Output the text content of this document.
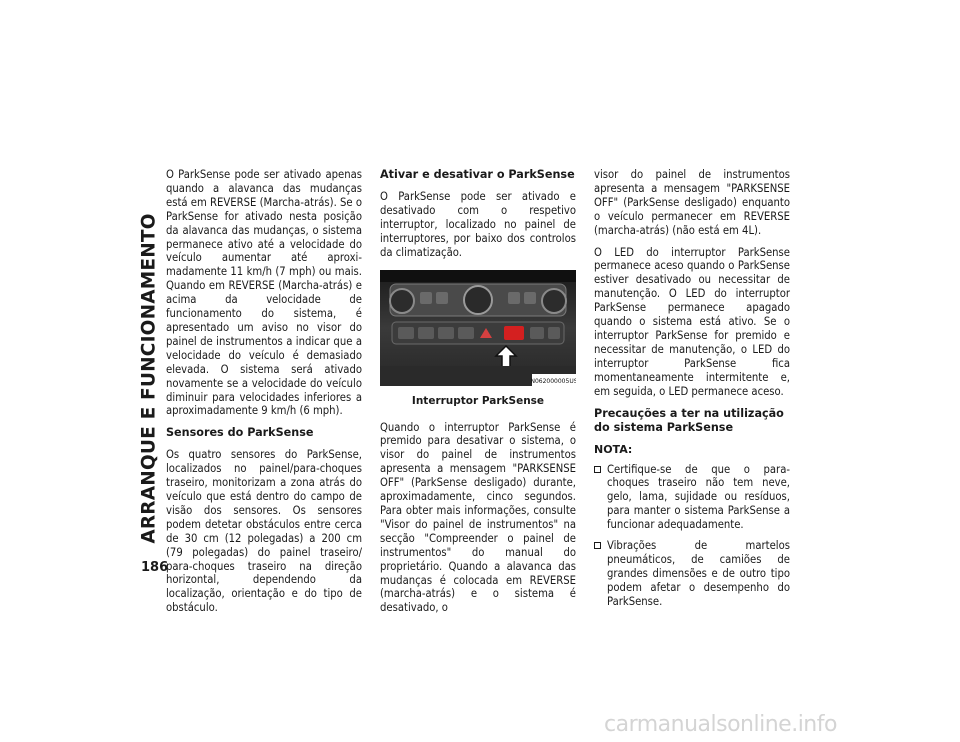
ARRANQUE E FUNCIONAMENTO
186

O ParkSense pode ser ativado apenas quando a alavanca das mudanças está em REVERSE (Marcha-atrás). Se o ParkSense for ativado nesta posição da alavanca das mudanças, o sistema permanece ativo até a velocidade do veículo aumentar até aproximadamente 11 km/h (7 mph) ou mais. Quando em REVERSE (Marcha-atrás) e acima da velocidade de funcionamento do sistema, é apresentado um aviso no visor do painel de instrumentos a indicar que a velocidade do veículo é demasiado elevada. O sistema será ativado novamente se a velocidade do veículo diminuir para velocidades inferiores a aproximadamente 9 km/h (6 mph).

Sensores do ParkSense

Os quatro sensores do ParkSense, localizados no painel/para-choques traseiro, monitorizam a zona atrás do veículo que está dentro do campo de visão dos sensores. Os sensores podem detetar obstáculos entre cerca de 30 cm (12 polegadas) a 200 cm (79 polegadas) do painel traseiro/ para-choques traseiro na direção horizontal, dependendo da localização, orientação e do tipo de obstáculo.

Ativar e desativar o ParkSense

O ParkSense pode ser ativado e desativado com o respetivo interruptor, localizado no painel de interruptores, por baixo dos controlos da climatização.

N062000005US
Interruptor ParkSense

Quando o interruptor ParkSense é premido para desativar o sistema, o visor do painel de instrumentos apresenta a mensagem "PARKSENSE OFF" (ParkSense desligado) durante, aproximadamente, cinco segundos. Para obter mais informações, consulte "Visor do painel de instrumentos" na secção "Compreender o painel de instrumentos" do manual do proprietário. Quando a alavanca das mudanças é colocada em REVERSE (marcha-atrás) e o sistema é desativado, o

visor do painel de instrumentos apresenta a mensagem "PARKSENSE OFF" (ParkSense desligado) enquanto o veículo permanecer em REVERSE (marcha-atrás) (não está em 4L).

O LED do interruptor ParkSense permanece aceso quando o ParkSense estiver desativado ou necessitar de manutenção. O LED do interruptor ParkSense permanece apagado quando o sistema está ativo. Se o interruptor ParkSense for premido e necessitar de manutenção, o LED do interruptor ParkSense fica momentaneamente intermitente e, em seguida, o LED permanece aceso.

Precauções a ter na utilização do sistema ParkSense
NOTA:
Certifique-se de que o para-choques traseiro não tem neve, gelo, lama, sujidade ou resíduos, para manter o sistema ParkSense a funcionar adequadamente.
Vibrações de martelos pneumáticos, de camiões de grandes dimensões e de outro tipo podem afetar o desempenho do ParkSense.
carmanualsonline.info
